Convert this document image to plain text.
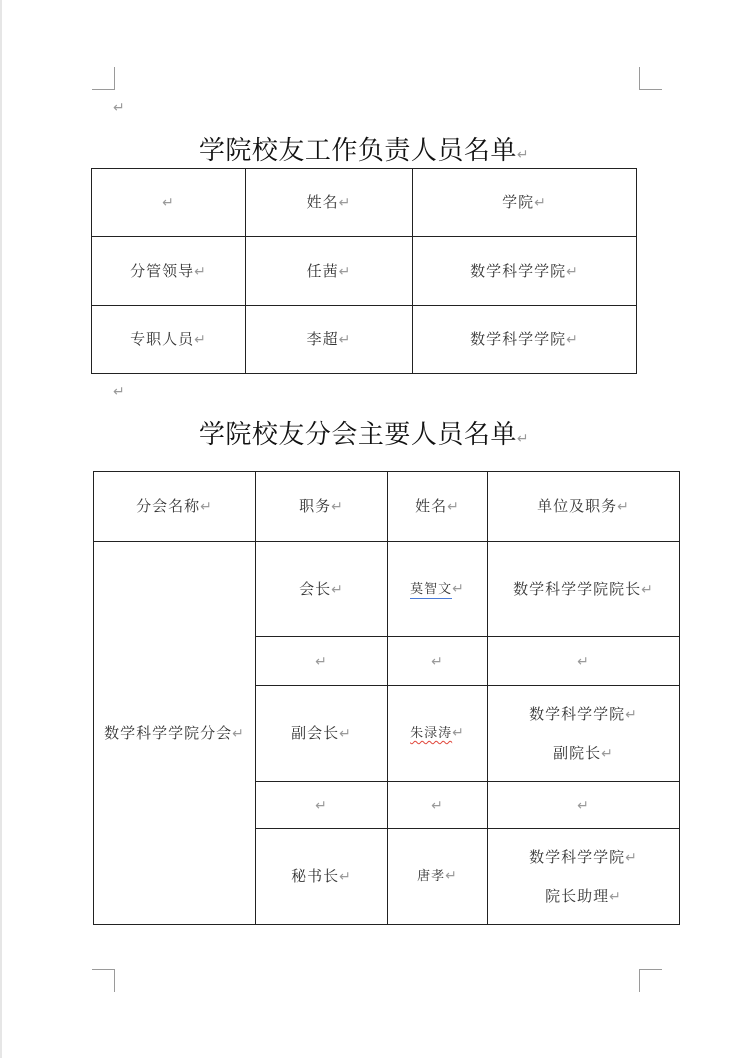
↵
学院校友工作负责人员名单↵
↵	姓名↵	学院↵
分管领导↵	任茜↵	数学科学学院↵
专职人员↵	李超↵	数学科学学院↵
↵
学院校友分会主要人员名单↵
分会名称↵	职务↵	姓名↵	单位及职务↵
数学科学学院分会↵	会长↵	莫智文↵	数学科学学院院长↵
	↵	↵	↵
	副会长↵	朱渌涛↵	数学科学学院↵
副院长↵
	↵	↵	↵
	秘书长↵	唐孝↵	数学科学学院↵
院长助理↵
